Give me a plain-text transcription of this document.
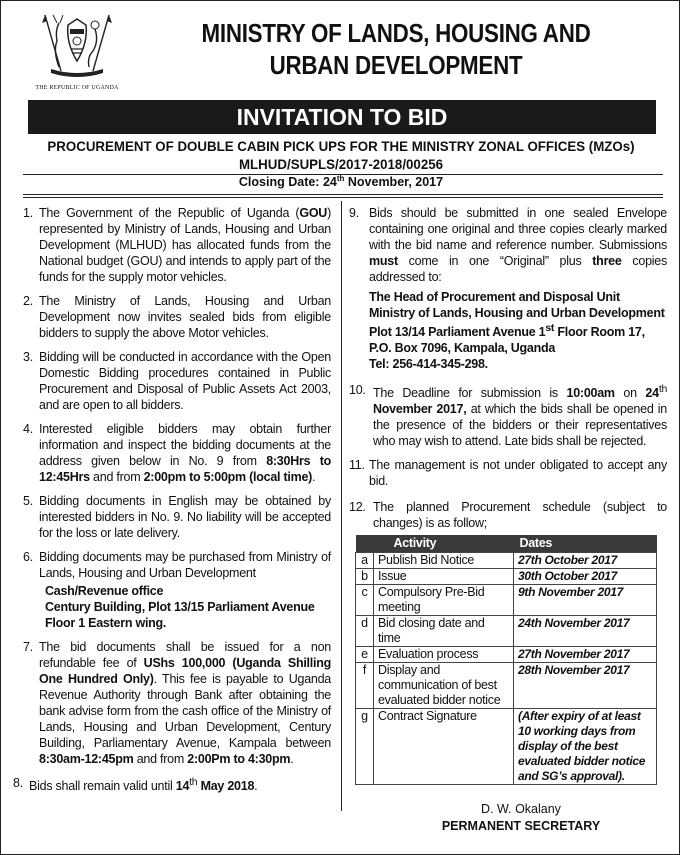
THE REPUBLIC OF UGANDA
MINISTRY OF LANDS, HOUSING AND URBAN DEVELOPMENT
INVITATION TO BID
PROCUREMENT OF DOUBLE CABIN PICK UPS FOR THE MINISTRY ZONAL OFFICES (MZOs)
MLHUD/SUPLS/2017-2018/00256
Closing Date: 24th November, 2017
1. The Government of the Republic of Uganda (GOU) represented by Ministry of Lands, Housing and Urban Development (MLHUD) has allocated funds from the National budget (GOU) and intends to apply part of the funds for the supply motor vehicles.
2. The Ministry of Lands, Housing and Urban Development now invites sealed bids from eligible bidders to supply the above Motor vehicles.
3. Bidding will be conducted in accordance with the Open Domestic Bidding procedures contained in Public Procurement and Disposal of Public Assets Act 2003, and are open to all bidders.
4. Interested eligible bidders may obtain further information and inspect the bidding documents at the address given below in No. 9 from 8:30Hrs to 12:45Hrs and from 2:00pm to 5:00pm (local time).
5. Bidding documents in English may be obtained by interested bidders in No. 9. No liability will be accepted for the loss or late delivery.
6. Bidding documents may be purchased from Ministry of Lands, Housing and Urban Development
Cash/Revenue office
Century Building, Plot 13/15 Parliament Avenue
Floor 1 Eastern wing.
7. The bid documents shall be issued for a non refundable fee of UShs 100,000 (Uganda Shilling One Hundred Only). This fee is payable to Uganda Revenue Authority through Bank after obtaining the bank advise form from the cash office of the Ministry of Lands, Housing and Urban Development, Century Building, Parliamentary Avenue, Kampala between 8:30am-12:45pm and from 2:00Pm to 4:30pm.
8. Bids shall remain valid until 14th May 2018.
9. Bids should be submitted in one sealed Envelope containing one original and three copies clearly marked with the bid name and reference number. Submissions must come in one “Original” plus three copies addressed to:
The Head of Procurement and Disposal Unit
Ministry of Lands, Housing and Urban Development
Plot 13/14 Parliament Avenue 1st Floor Room 17,
P.O. Box 7096, Kampala, Uganda
Tel: 256-414-345-298.
10. The Deadline for submission is 10:00am on 24th November 2017, at which the bids shall be opened in the presence of the bidders or their representatives who may wish to attend. Late bids shall be rejected.
11. The management is not under obligated to accept any bid.
12. The planned Procurement schedule (subject to changes) is as follow;
	Activity	Dates
a	Publish Bid Notice	27th October 2017
b	Issue	30th October 2017
c	Compulsory Pre-Bid meeting	9th November 2017
d	Bid closing date and time	24th November 2017
e	Evaluation process	27th November 2017
f	Display and communication of best evaluated bidder notice	28th November 2017
g	Contract Signature	(After expiry of at least 10 working days from display of the best evaluated bidder notice and SG’s approval).
D. W. Okalany
PERMANENT SECRETARY
